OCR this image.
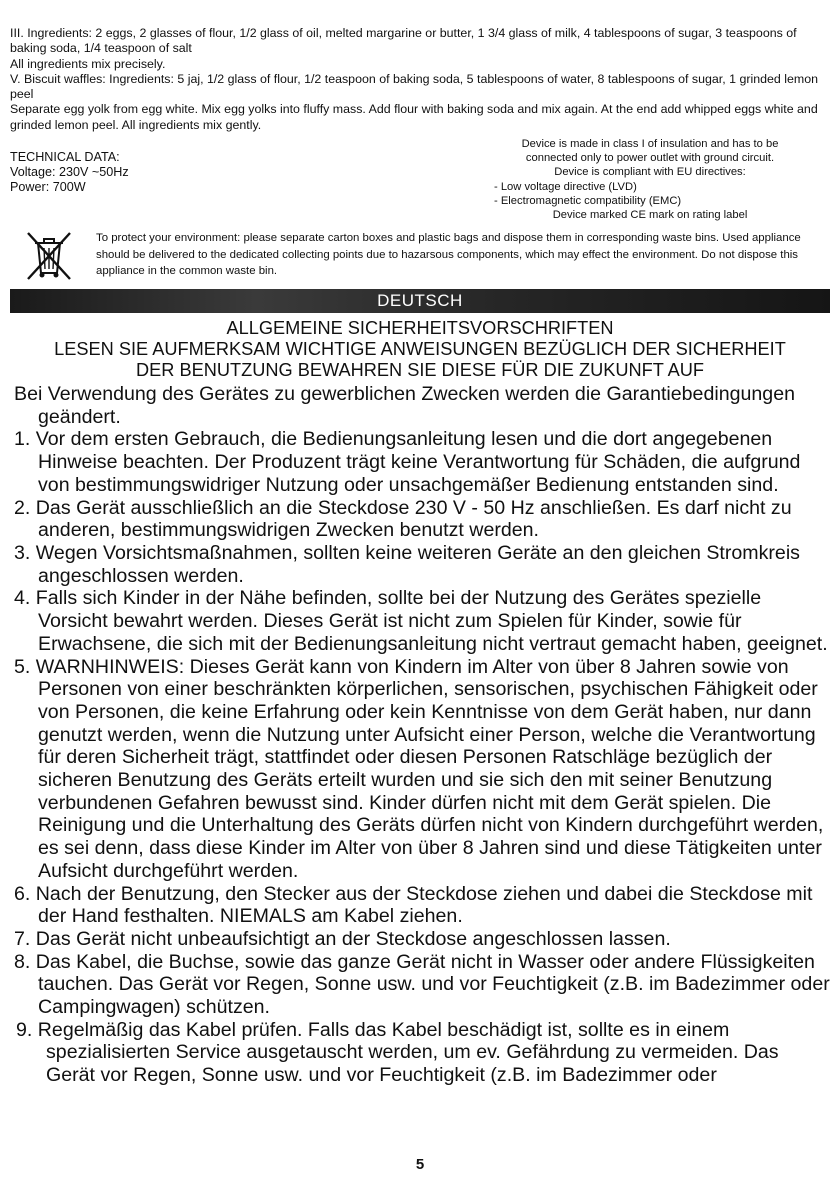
III. Ingredients: 2 eggs, 2 glasses of flour, 1/2 glass of oil, melted margarine or butter, 1 3/4 glass of milk, 4 tablespoons of sugar, 3 teaspoons of baking soda, 1/4 teaspoon of salt

All ingredients mix precisely.

V. Biscuit waffles: Ingredients: 5 jaj, 1/2 glass of flour, 1/2 teaspoon of baking soda, 5 tablespoons of water, 8 tablespoons of sugar, 1 grinded lemon peel

Separate egg yolk from egg white. Mix egg yolks into fluffy mass. Add flour with baking soda and mix again. At the end add whipped eggs white and grinded lemon peel. All ingredients mix gently.

TECHNICAL DATA:
Voltage: 230V ~50Hz
Power: 700W
Device is made in class I of insulation and has to be
connected only to power outlet with ground circuit.
Device is compliant with EU directives:
- Low voltage directive (LVD)
- Electromagnetic compatibility (EMC)
Device marked CE mark on rating label
To protect your environment: please separate carton boxes and plastic bags and dispose them in corresponding waste bins. Used appliance should be delivered to the dedicated collecting points due to hazarsous components, which may effect the environment. Do not dispose this appliance in the common waste bin.
DEUTSCH
ALLGEMEINE SICHERHEITSVORSCHRIFTEN
LESEN SIE AUFMERKSAM WICHTIGE ANWEISUNGEN BEZÜGLICH DER SICHERHEIT
DER BENUTZUNG BEWAHREN SIE DIESE FÜR DIE ZUKUNFT AUF

Bei Verwendung des Gerätes zu gewerblichen Zwecken werden die Garantiebedingungen geändert.

1. Vor dem ersten Gebrauch, die Bedienungsanleitung lesen und die dort angegebenen Hinweise beachten. Der Produzent trägt keine Verantwortung für Schäden, die aufgrund von bestimmungswidriger Nutzung oder unsachgemäßer Bedienung entstanden sind.

2. Das Gerät ausschließlich an die Steckdose 230 V - 50 Hz anschließen. Es darf nicht zu anderen, bestimmungswidrigen Zwecken benutzt werden.

3. Wegen Vorsichtsmaßnahmen, sollten keine weiteren Geräte an den gleichen Stromkreis angeschlossen werden.

4. Falls sich Kinder in der Nähe befinden, sollte bei der Nutzung des Gerätes spezielle Vorsicht bewahrt werden. Dieses Gerät ist nicht zum Spielen für Kinder, sowie für Erwachsene, die sich mit der Bedienungsanleitung nicht vertraut gemacht haben, geeignet.

5. WARNHINWEIS: Dieses Gerät kann von Kindern im Alter von über 8 Jahren sowie von Personen von einer beschränkten körperlichen, sensorischen, psychischen Fähigkeit oder von Personen, die keine Erfahrung oder kein Kenntnisse von dem Gerät haben, nur dann genutzt werden, wenn die Nutzung unter Aufsicht einer Person, welche die Verantwortung für deren Sicherheit trägt, stattfindet oder diesen Personen Ratschläge bezüglich der sicheren Benutzung des Geräts erteilt wurden und sie sich den mit seiner Benutzung verbundenen Gefahren bewusst sind. Kinder dürfen nicht mit dem Gerät spielen. Die Reinigung und die Unterhaltung des Geräts dürfen nicht von Kindern durchgeführt werden, es sei denn, dass diese Kinder im Alter von über 8 Jahren sind und diese Tätigkeiten unter Aufsicht durchgeführt werden.

6. Nach der Benutzung, den Stecker aus der Steckdose ziehen und dabei die Steckdose mit der Hand festhalten. NIEMALS am Kabel ziehen.

7. Das Gerät nicht unbeaufsichtigt an der Steckdose angeschlossen lassen.

8. Das Kabel, die Buchse, sowie das ganze Gerät nicht in Wasser oder andere Flüssigkeiten tauchen. Das Gerät vor Regen, Sonne usw. und vor Feuchtigkeit (z.B. im Badezimmer oder Campingwagen) schützen.

9. Regelmäßig das Kabel prüfen. Falls das Kabel beschädigt ist, sollte es in einem spezialisierten Service ausgetauscht werden, um ev. Gefährdung zu vermeiden. Das Gerät vor Regen, Sonne usw. und vor Feuchtigkeit (z.B. im Badezimmer oder

5
